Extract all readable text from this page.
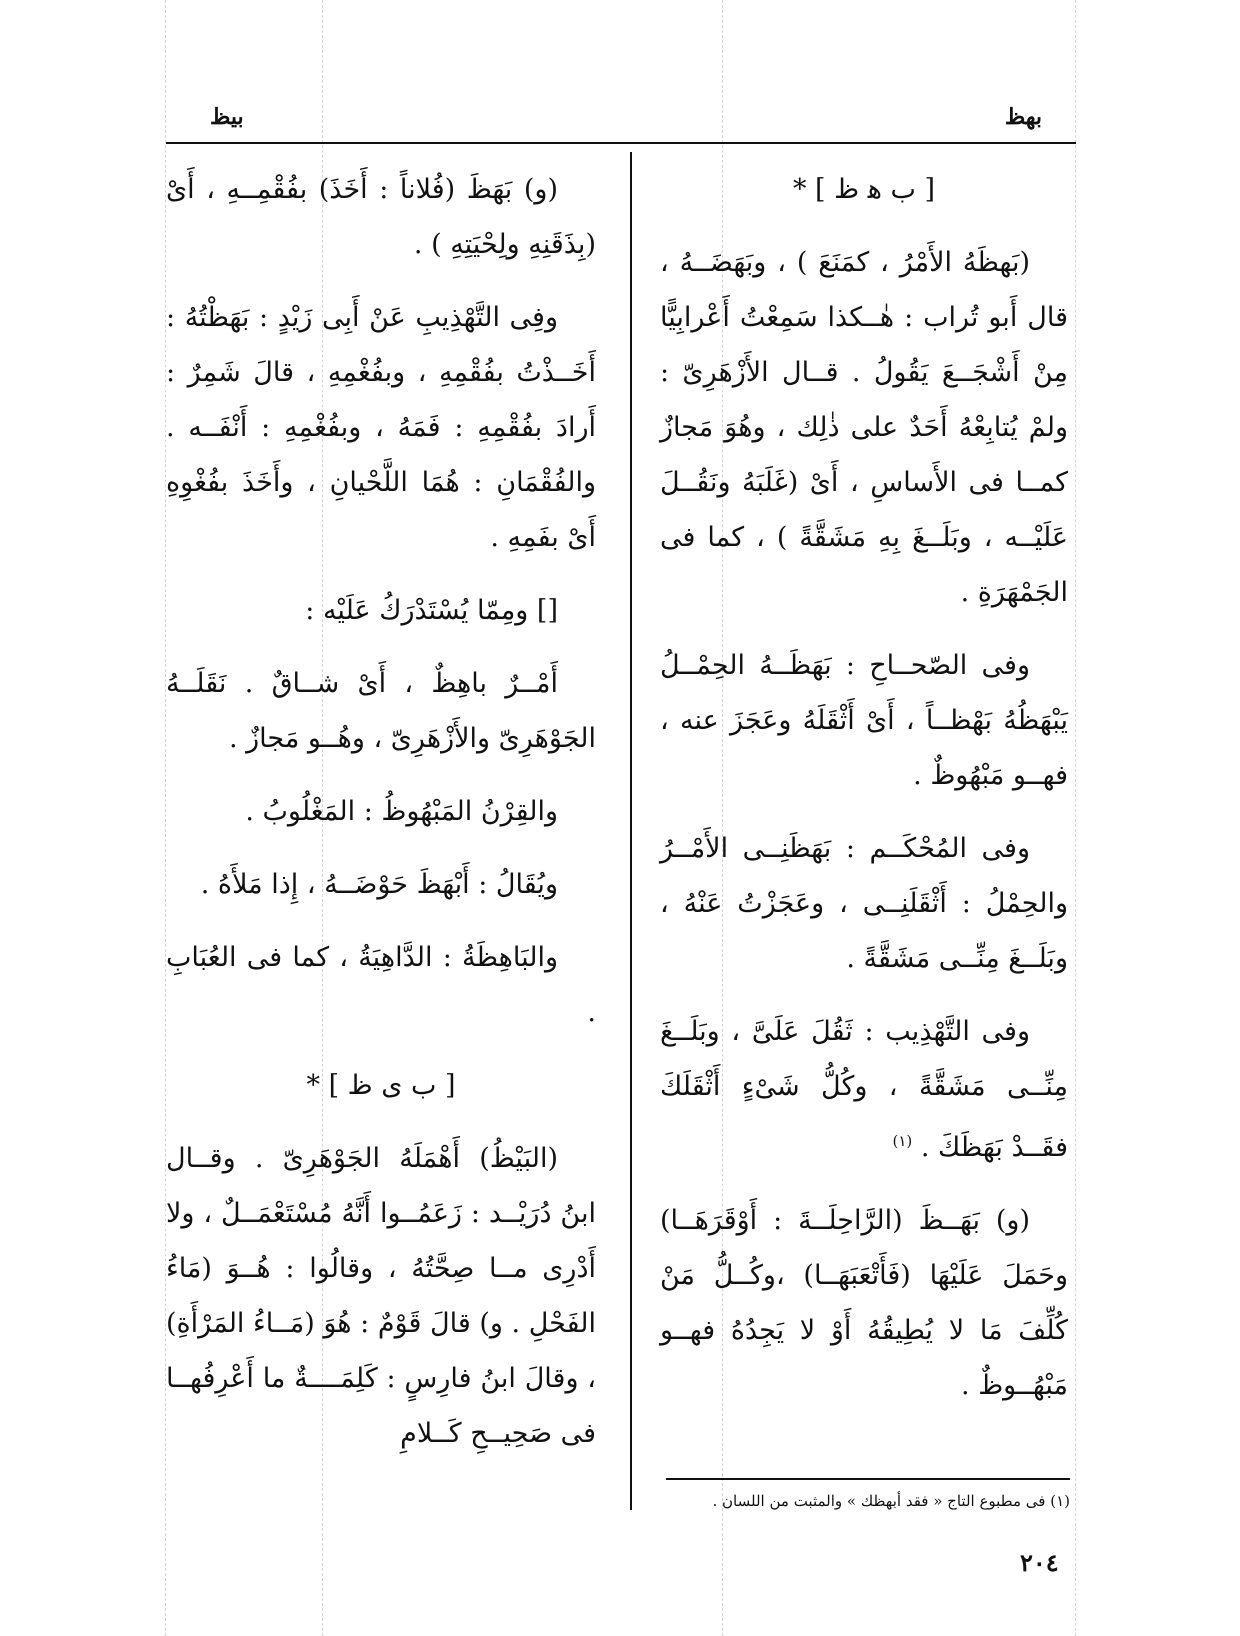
بهظ
بيظ

[ ب ﻫ ظ ] *

(بَهظَهُ الأَمْرُ ، كمَنَعَ ) ، وبَهَضَــهُ ، قال أَبو تُراب : هٰــكذا سَمِعْتُ أَعْرابِيًّا مِنْ أَشْجَــعَ يَقُولُ . قــال الأَزْهَرِىّ : ولمْ يُتابِعْهُ أَحَدٌ على ذٰلِك ، وهُوَ مَجازٌ كمــا فى الأَساسِ ، أَىْ (غَلَبَهُ ونَقُــلَ عَلَيْــه ، وبَلَــغَ بِهِ مَشَقَّةً ) ، كما فى الجَمْهَرَةِ .

وفى الصّحــاحِ : بَهَظَــهُ الحِمْــلُ يَبْهَظُهُ بَهْظــاً ، أَىْ أَثْقَلَهُ وعَجَزَ عنه ، فهــو مَبْهُوظٌ .

وفى المُحْكَــم : بَهَظَنِــى الأَمْــرُ والحِمْلُ : أَثْقَلَنِــى ، وعَجَزْتُ عَنْهُ ، وبَلَــغَ مِنِّــى مَشَقَّةً .

وفى التَّهْذِيب : ثَقُلَ عَلَىَّ ، وبَلَــغَ مِنِّــى مَشَقَّةً ، وكُلُّ شَىْءٍ أَثْقَلَكَ فقَــدْ بَهَظَكَ . $^{(١)}$

(و) بَهَــظَ (الرَّاحِلَــةَ : أَوْقَرَهَــا) وحَمَلَ عَلَيْهَا (فَأَتْعَبَهَــا) ،وكُــلُّ مَنْ كُلِّفَ مَا لا يُطِيقُهُ أَوْ لا يَجِدُهُ فهــو مَبْهُــوظٌ .

(و) بَهَظَ (فُلاناً : أَخَذَ) بفُقْمِــهِ ، أَىْ (بِذَقَنِهِ ولِحْيَتِهِ ) .

وفِى التَّهْذِيبِ عَنْ أَبِى زَيْدٍ : بَهَظْتُهُ : أَخَــذْتُ بفُقْمِهِ ، وبفُغْمِهِ ، قالَ شَمِرٌ : أَرادَ بفُقْمِهِ : فَمَهُ ، وبفُغْمِهِ : أَنْفَــه . والفُقْمَانِ : هُمَا اللَّحْيانِ ، وأَخَذَ بفُغْوِهِ أَىْ بفَمِهِ .

[] ومِمّا يُسْتَدْرَكُ عَلَيْه :

أَمْــرٌ باهِظٌ ، أَىْ شــاقٌ . نَقَلَــهُ الجَوْهَرِىّ والأَزْهَرِىّ ، وهُــو مَجازٌ .

والقِرْنُ المَبْهُوظُ : المَغْلُوبُ .

ويُقَالُ : أَبْهَظَ حَوْضَــهُ ، إِذا مَلأَهُ .

والبَاهِظَةُ : الدَّاهِيَةُ ، كما فى العُبَابِ .

[ ب ى ظ ] *

(البَيْظُ) أَهْمَلَهُ الجَوْهَرِىّ . وقــال ابنُ دُرَيْــد : زَعَمُــوا أَنَّهُ مُسْتَعْمَــلٌ ، ولا أَدْرِى مــا صِحَّتُهُ ، وقالُوا : هُــوَ (مَاءُ الفَحْلِ . و) قالَ قَوْمٌ : هُوَ (مَــاءُ المَرْأَةِ) ، وقالَ ابنُ فارِسٍ : كَلِمَــــةٌ ما أَعْرِفُهــا فى صَحِيــحِ كَــلامِ

(١) فى مطبوع التاج « فقد أبهظك » والمثبت من اللسان .
٢٠٤
